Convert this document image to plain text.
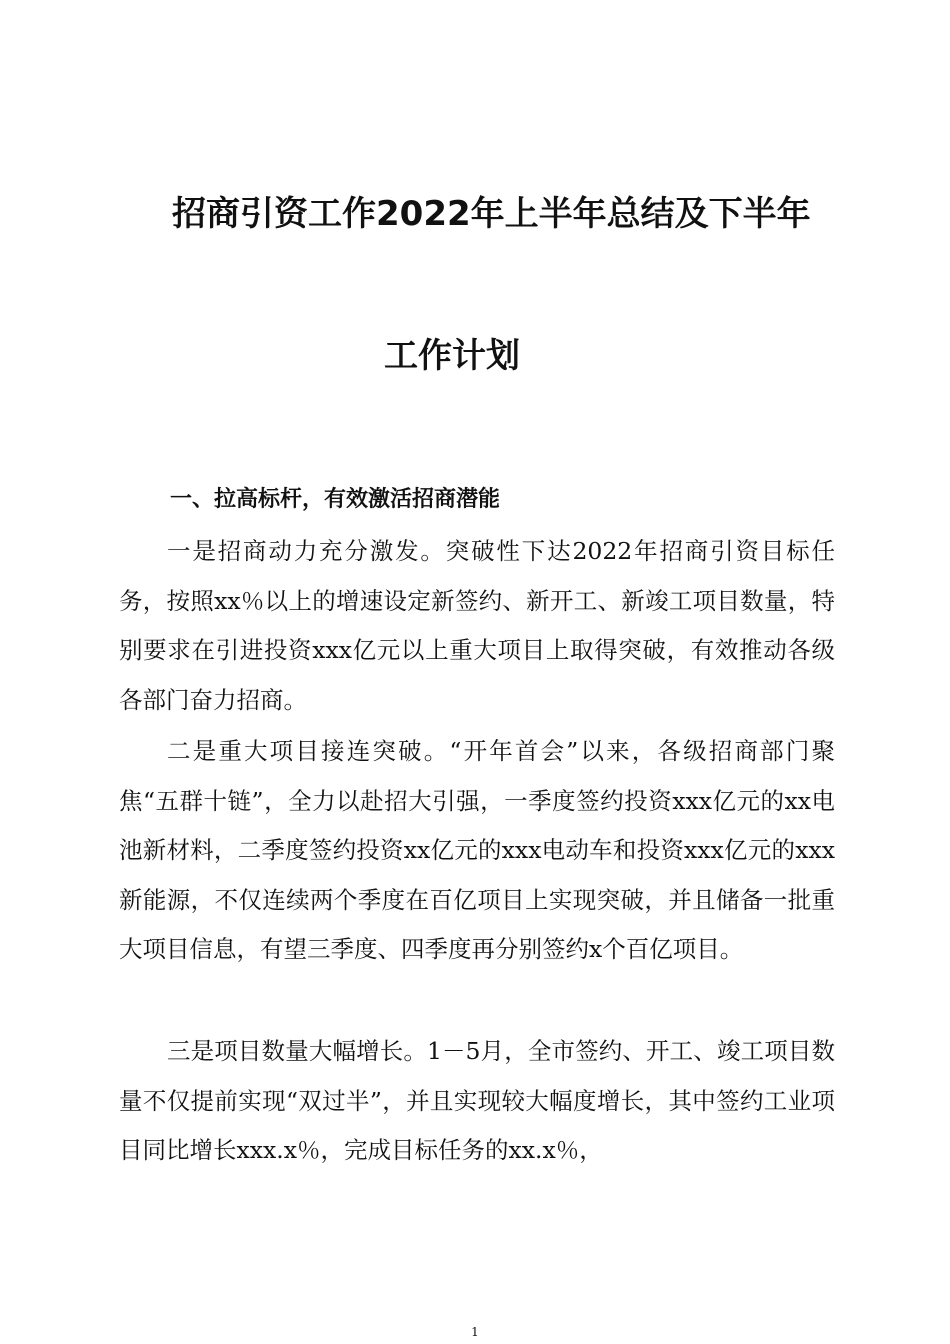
招商引资工作2022年上半年总结及下半年
工作计划
一、拉高标杆，有效激活招商潜能

一是招商动力充分激发。突破性下达2022年招商引资目标任务，按照xx％以上的增速设定新签约、新开工、新竣工项目数量，特别要求在引进投资xxx亿元以上重大项目上取得突破，有效推动各级各部门奋力招商。

二是重大项目接连突破。“开年首会”以来，各级招商部门聚焦“五群十链”，全力以赴招大引强，一季度签约投资xxx亿元的xx电池新材料，二季度签约投资xx亿元的xxx电动车和投资xxx亿元的xxx新能源，不仅连续两个季度在百亿项目上实现突破，并且储备一批重大项目信息，有望三季度、四季度再分别签约x个百亿项目。

三是项目数量大幅增长。1－5月，全市签约、开工、竣工项目数量不仅提前实现“双过半”，并且实现较大幅度增长，其中签约工业项目同比增长xxx.x％，完成目标任务的xx.x％，

1
